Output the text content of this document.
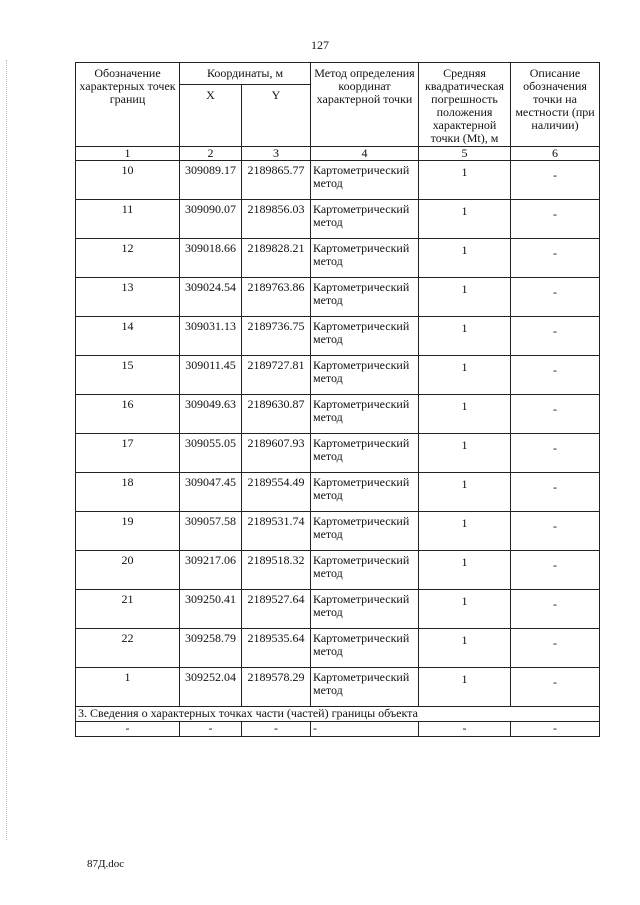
127
Обозначение характерных точек границ	Координаты, м		Метод определения координат характерной точки	Средняя квадратическая погрешность положения характерной точки (Mt), м	Описание обозначения точки на местности (при наличии)
	X	Y			
1	2	3	4	5	6
10	309089.17	2189865.77	Картометрический метод	1	-
11	309090.07	2189856.03	Картометрический метод	1	-
12	309018.66	2189828.21	Картометрический метод	1	-
13	309024.54	2189763.86	Картометрический метод	1	-
14	309031.13	2189736.75	Картометрический метод	1	-
15	309011.45	2189727.81	Картометрический метод	1	-
16	309049.63	2189630.87	Картометрический метод	1	-
17	309055.05	2189607.93	Картометрический метод	1	-
18	309047.45	2189554.49	Картометрический метод	1	-
19	309057.58	2189531.74	Картометрический метод	1	-
20	309217.06	2189518.32	Картометрический метод	1	-
21	309250.41	2189527.64	Картометрический метод	1	-
22	309258.79	2189535.64	Картометрический метод	1	-
1	309252.04	2189578.29	Картометрический метод	1	-
3. Сведения о характерных точках части (частей) границы объекта					
-	-	-	-	-	-
87Д.doc
